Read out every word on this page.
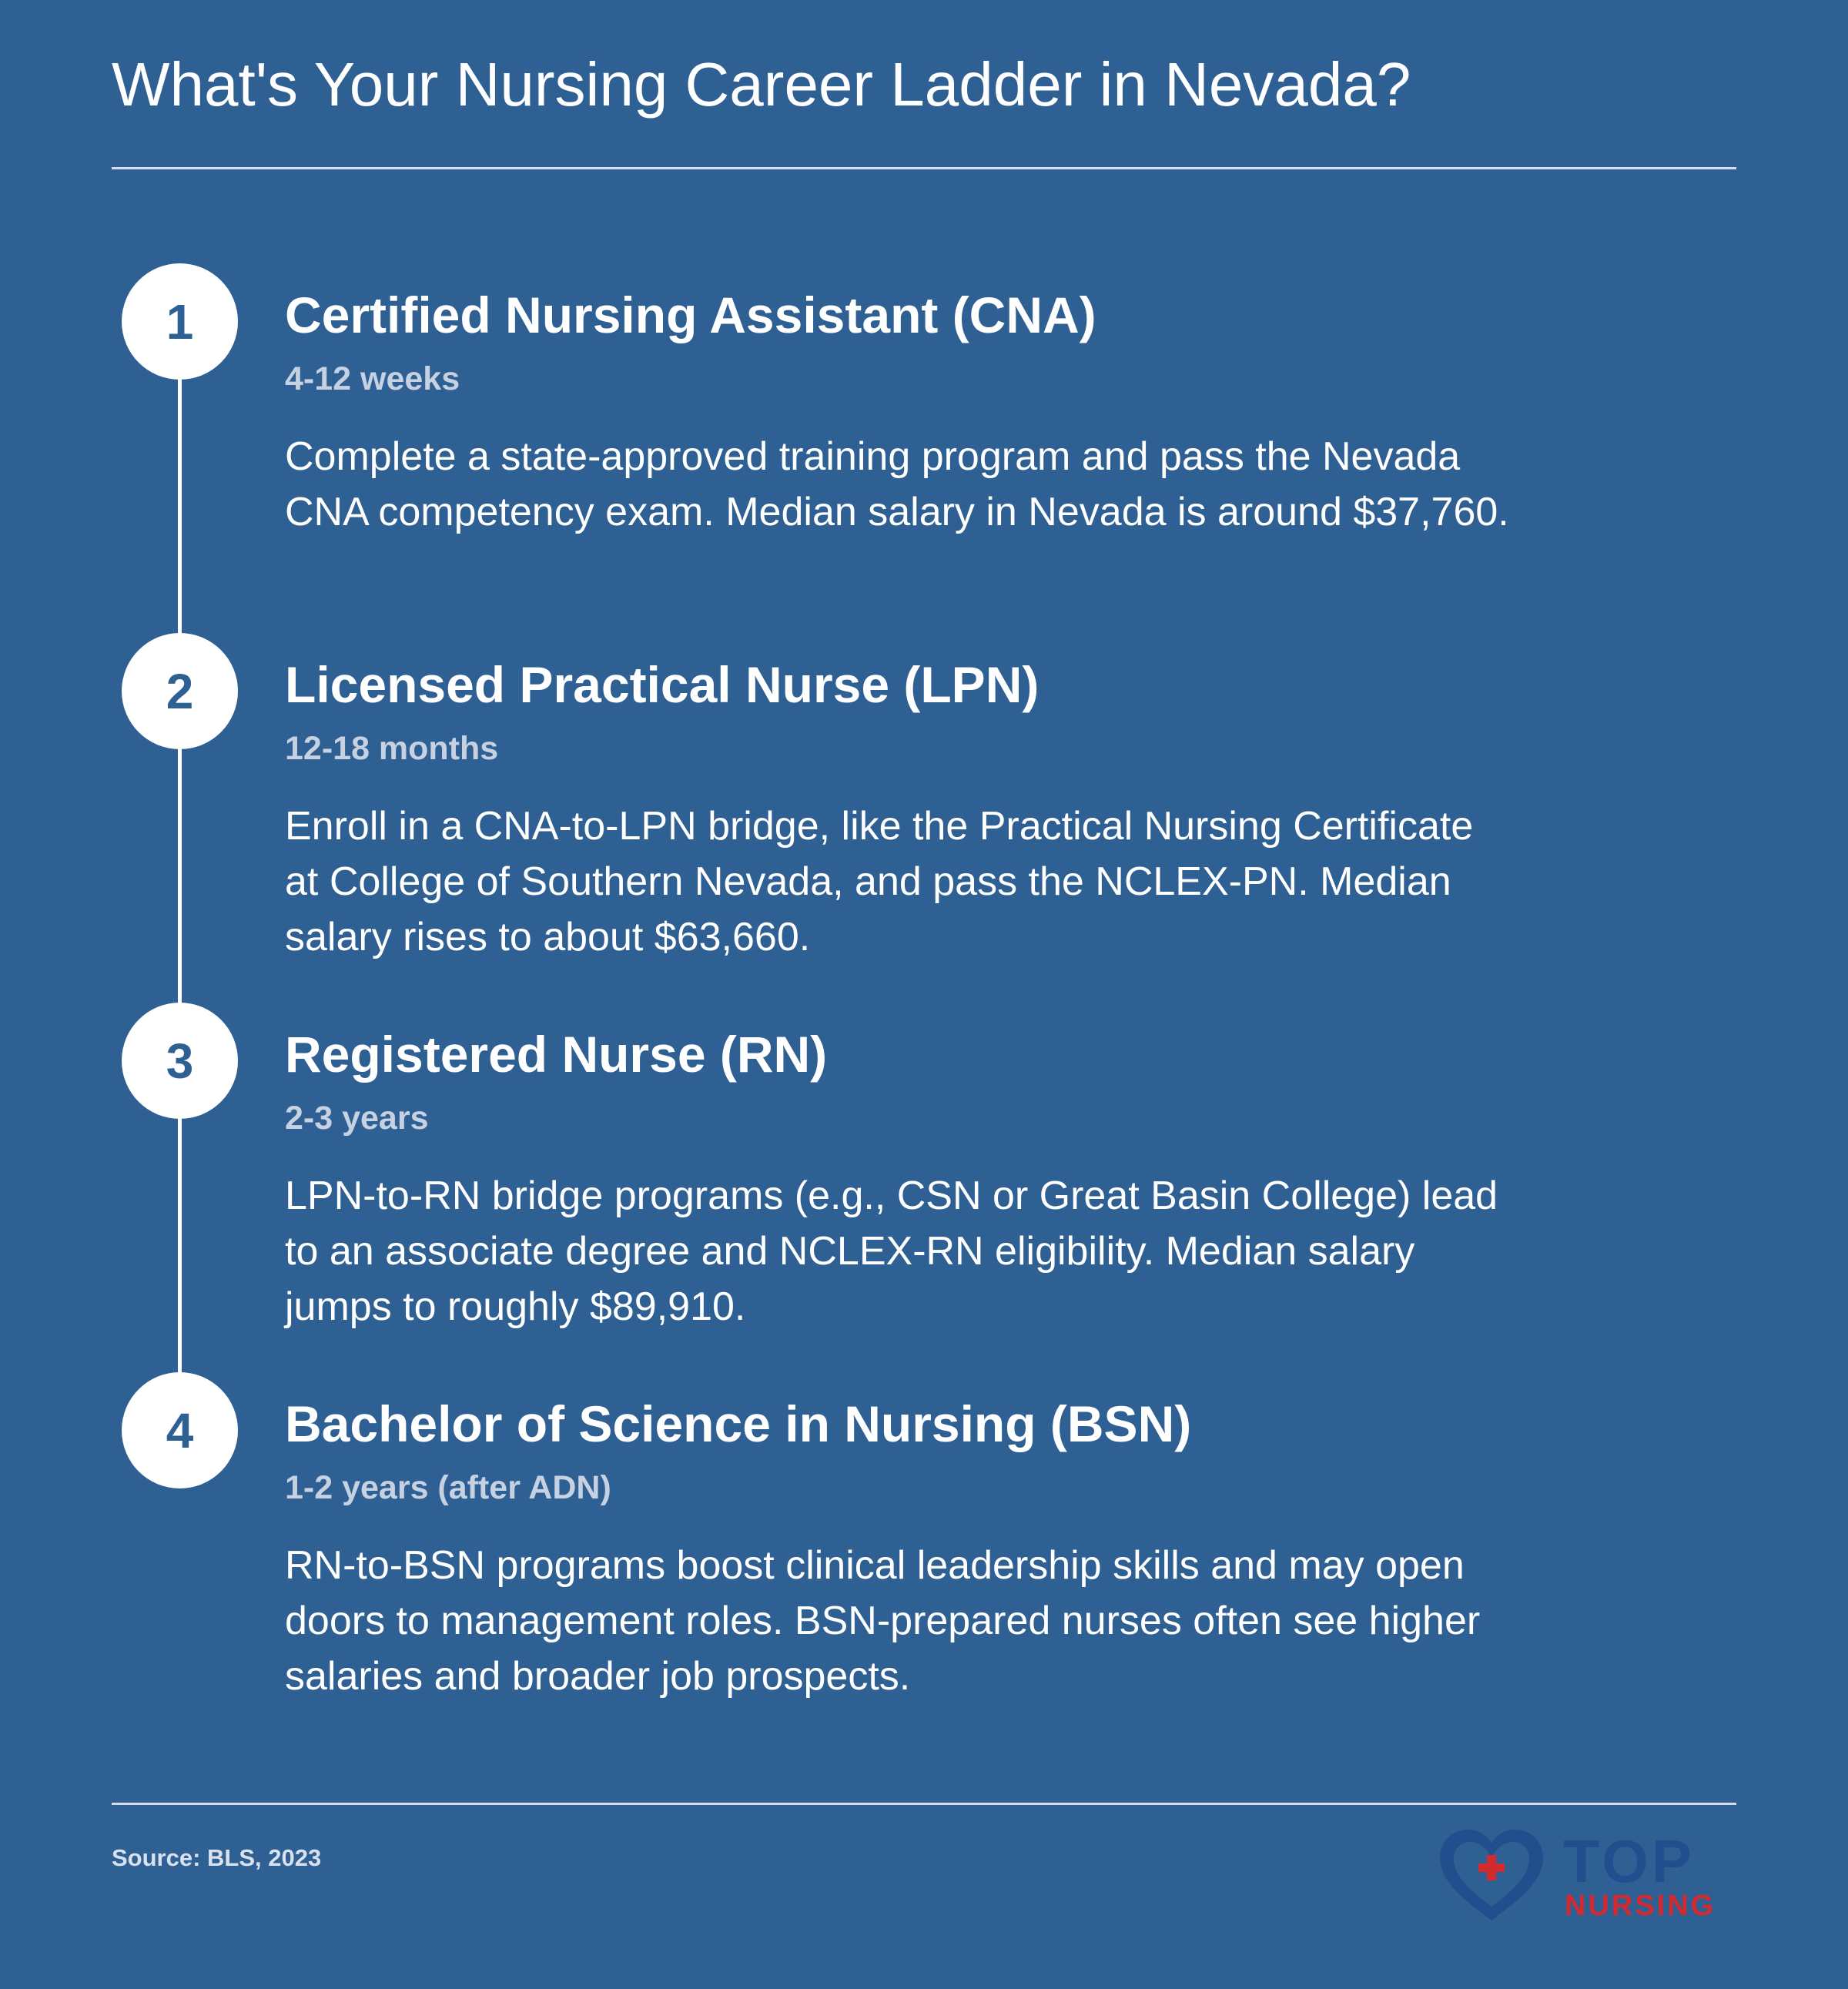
What's Your Nursing Career Ladder in Nevada?
1 Certified Nursing Assistant (CNA)
4-12 weeks
Complete a state-approved training program and pass the Nevada CNA competency exam. Median salary in Nevada is around $37,760.
2 Licensed Practical Nurse (LPN)
12-18 months
Enroll in a CNA-to-LPN bridge, like the Practical Nursing Certificate at College of Southern Nevada, and pass the NCLEX-PN. Median salary rises to about $63,660.
3 Registered Nurse (RN)
2-3 years
LPN-to-RN bridge programs (e.g., CSN or Great Basin College) lead to an associate degree and NCLEX-RN eligibility. Median salary jumps to roughly $89,910.
4 Bachelor of Science in Nursing (BSN)
1-2 years (after ADN)
RN-to-BSN programs boost clinical leadership skills and may open doors to management roles. BSN-prepared nurses often see higher salaries and broader job prospects.
Source: BLS, 2023	TOP
NURSING
